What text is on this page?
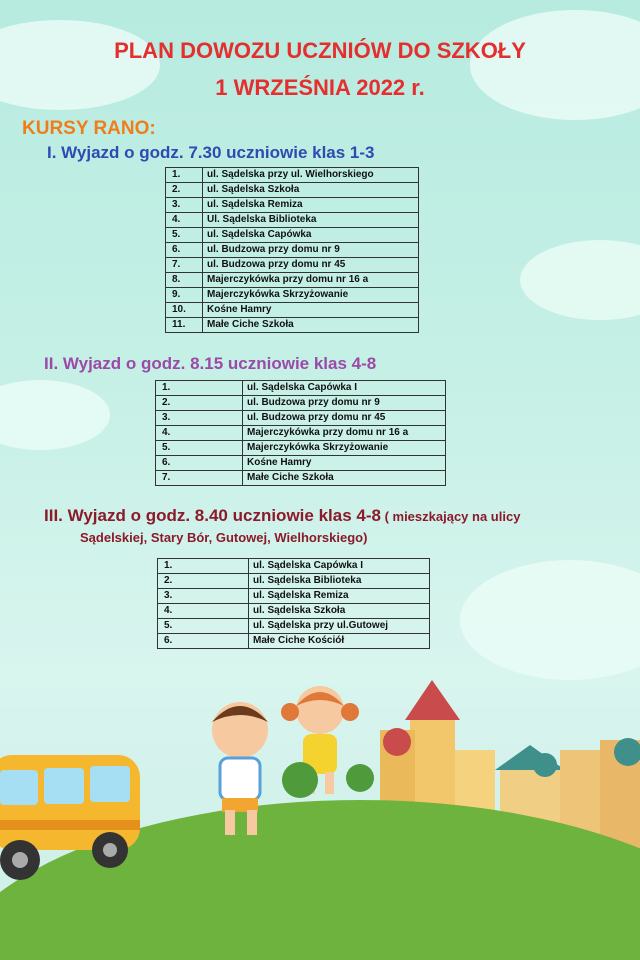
PLAN DOWOZU UCZNIÓW DO SZKOŁY
1 WRZEŚNIA 2022 r.
KURSY RANO:
I. Wyjazd o godz. 7.30 uczniowie klas 1-3
1.	ul. Sądelska przy ul. Wielhorskiego
2.	ul. Sądelska Szkoła
3.	ul. Sądelska Remiza
4.	Ul. Sądelska Biblioteka
5.	ul. Sądelska Capówka
6.	ul. Budzowa przy domu nr 9
7.	ul. Budzowa przy domu nr 45
8.	Majerczykówka przy domu nr 16 a
9.	Majerczykówka Skrzyżowanie
10.	Kośne Hamry
11.	Małe Ciche Szkoła
II. Wyjazd o godz. 8.15 uczniowie klas 4-8
1.	ul. Sądelska Capówka I
2.	ul. Budzowa przy domu nr 9
3.	ul. Budzowa przy domu nr 45
4.	Majerczykówka przy domu nr 16 a
5.	Majerczykówka Skrzyżowanie
6.	Kośne Hamry
7.	Małe Ciche Szkoła
III. Wyjazd o godz. 8.40 uczniowie klas 4-8 ( mieszkający na ulicy
Sądelskiej, Stary Bór, Gutowej, Wielhorskiego)
1.	ul. Sądelska Capówka I
2.	ul. Sądelska Biblioteka
3.	ul. Sądelska Remiza
4.	ul. Sądelska Szkoła
5.	ul. Sądelska przy ul.Gutowej
6.	Małe Ciche Kościół
